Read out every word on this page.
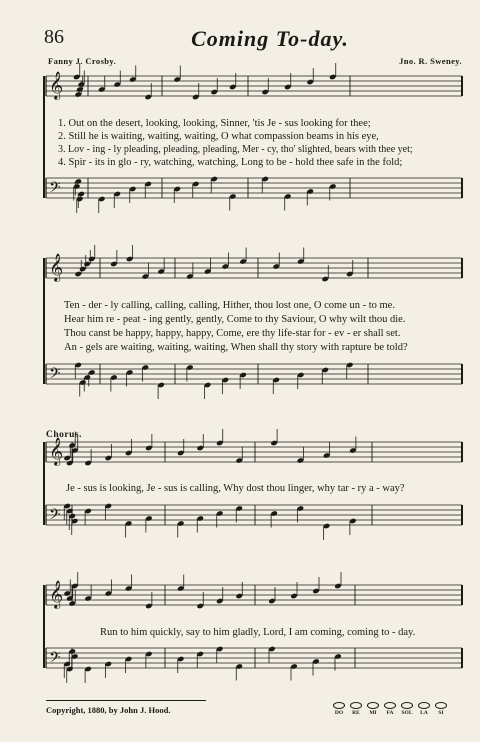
86	Coming To-day.
Fanny J. Crosby.	Jno. R. Sweney.
𝄞
𝄢
𝄞
𝄢
𝄞
𝄢
𝄞
𝄢
1. Out on the desert, looking, looking, Sinner, 'tis Je - sus looking for thee;
2. Still he is waiting, waiting, waiting, O what compassion beams in his eye,
3. Lov - ing - ly pleading, pleading, pleading, Mer - cy, tho' slighted, bears with thee yet;
4. Spir - its in glo - ry, watching, watching, Long to be - hold thee safe in the fold;
Ten - der - ly calling, calling, calling, Hither, thou lost one, O come un - to me.
Hear him re - peat - ing gently, gently, Come to thy Saviour, O why wilt thou die.
Thou canst be happy, happy, happy, Come, ere thy life-star for - ev - er shall set.
An - gels are waiting, waiting, waiting, When shall thy story with rapture be told?
Chorus.
Je - sus is looking, Je - sus is calling, Why dost thou linger, why tar - ry a - way?
Run to him quickly, say to him gladly, Lord, I am coming, coming to - day.
Copyright, 1880, by John J. Hood.	DO RE MI FA SOL LA SI
